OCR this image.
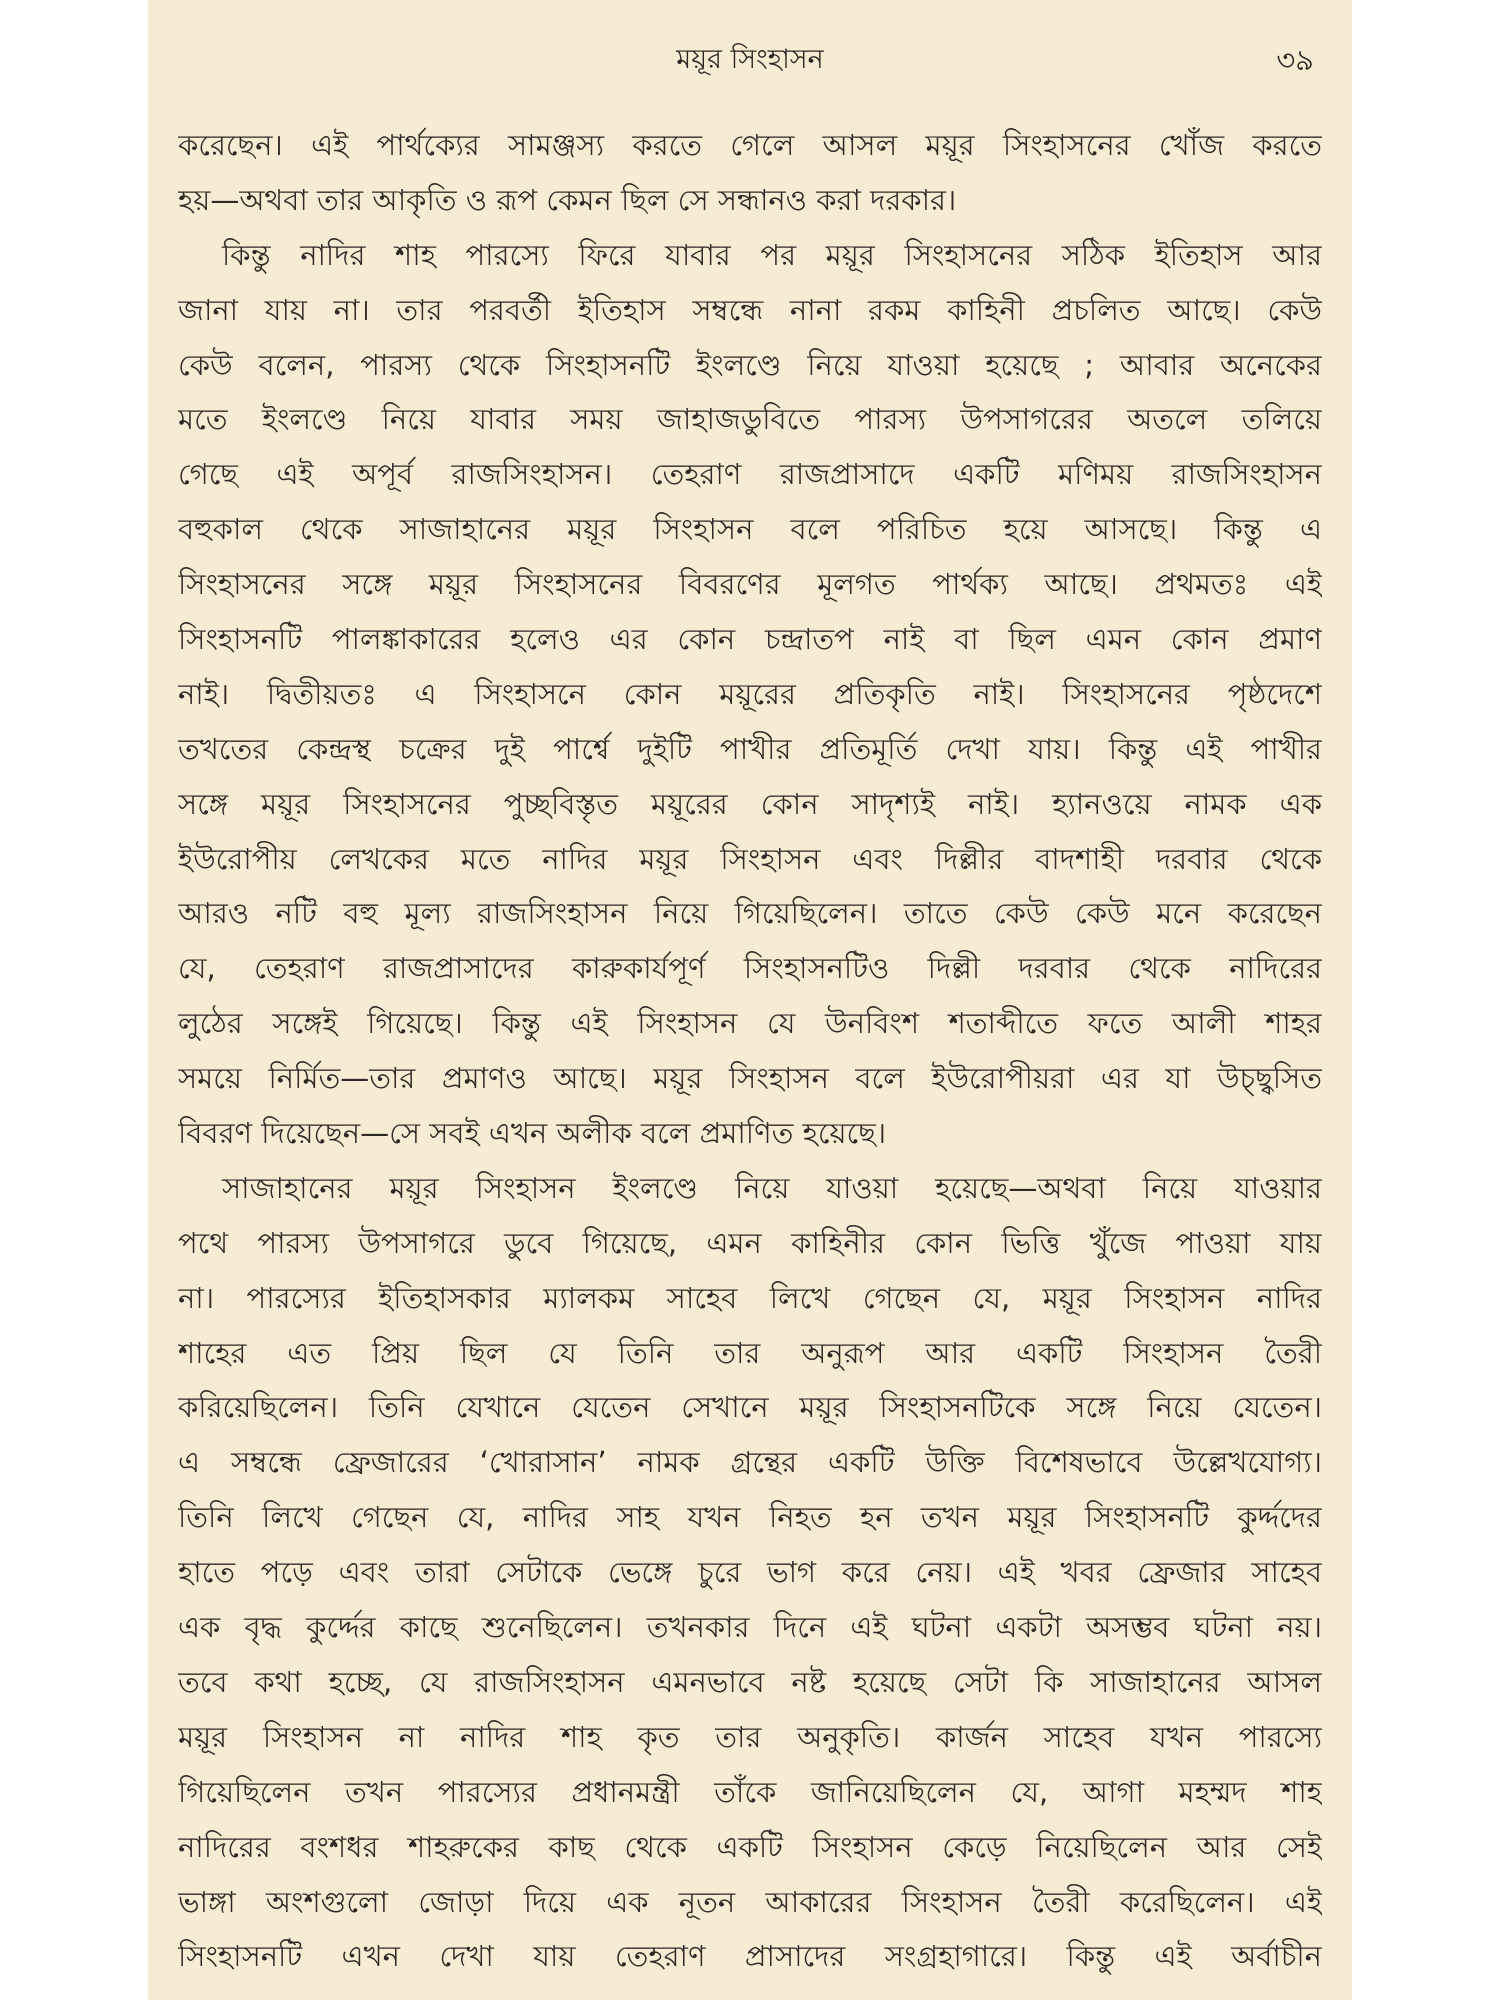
ময়ূর সিংহাসন	৩৯
করেছেন। এই পার্থক্যের সামঞ্জস্য করতে গেলে আসল ময়ূর সিংহাসনের খোঁজ করতে
হয়—অথবা তার আকৃতি ও রূপ কেমন ছিল সে সন্ধানও করা দরকার।
কিন্তু নাদির শাহ পারস্যে ফিরে যাবার পর ময়ূর সিংহাসনের সঠিক ইতিহাস আর
জানা যায় না। তার পরবর্তী ইতিহাস সম্বন্ধে নানা রকম কাহিনী প্রচলিত আছে। কেউ
কেউ বলেন, পারস্য থেকে সিংহাসনটি ইংলণ্ডে নিয়ে যাওয়া হয়েছে ; আবার অনেকের
মতে ইংলণ্ডে নিয়ে যাবার সময় জাহাজডুবিতে পারস্য উপসাগরের অতলে তলিয়ে
গেছে এই অপূর্ব রাজসিংহাসন। তেহরাণ রাজপ্রাসাদে একটি মণিময় রাজসিংহাসন
বহুকাল থেকে সাজাহানের ময়ূর সিংহাসন বলে পরিচিত হয়ে আসছে। কিন্তু এ
সিংহাসনের সঙ্গে ময়ূর সিংহাসনের বিবরণের মূলগত পার্থক্য আছে। প্রথমতঃ এই
সিংহাসনটি পালঙ্কাকারের হলেও এর কোন চন্দ্রাতপ নাই বা ছিল এমন কোন প্রমাণ
নাই। দ্বিতীয়তঃ এ সিংহাসনে কোন ময়ূরের প্রতিকৃতি নাই। সিংহাসনের পৃষ্ঠদেশে
তখতের কেন্দ্রস্থ চক্রের দুই পার্শ্বে দুইটি পাখীর প্রতিমূর্তি দেখা যায়। কিন্তু এই পাখীর
সঙ্গে ময়ূর সিংহাসনের পুচ্ছবিস্তৃত ময়ূরের কোন সাদৃশ্যই নাই। হ্যানওয়ে নামক এক
ইউরোপীয় লেখকের মতে নাদির ময়ূর সিংহাসন এবং দিল্লীর বাদশাহী দরবার থেকে
আরও নটি বহু মূল্য রাজসিংহাসন নিয়ে গিয়েছিলেন। তাতে কেউ কেউ মনে করেছেন
যে, তেহরাণ রাজপ্রাসাদের কারুকার্যপূর্ণ সিংহাসনটিও দিল্লী দরবার থেকে নাদিরের
লুঠের সঙ্গেই গিয়েছে। কিন্তু এই সিংহাসন যে উনবিংশ শতাব্দীতে ফতে আলী শাহর
সময়ে নির্মিত—তার প্রমাণও আছে। ময়ূর সিংহাসন বলে ইউরোপীয়রা এর যা উচ্ছ্বসিত
বিবরণ দিয়েছেন—সে সবই এখন অলীক বলে প্রমাণিত হয়েছে।
সাজাহানের ময়ূর সিংহাসন ইংলণ্ডে নিয়ে যাওয়া হয়েছে—অথবা নিয়ে যাওয়ার
পথে পারস্য উপসাগরে ডুবে গিয়েছে, এমন কাহিনীর কোন ভিত্তি খুঁজে পাওয়া যায়
না। পারস্যের ইতিহাসকার ম্যালকম সাহেব লিখে গেছেন যে, ময়ূর সিংহাসন নাদির
শাহের এত প্রিয় ছিল যে তিনি তার অনুরূপ আর একটি সিংহাসন তৈরী
করিয়েছিলেন। তিনি যেখানে যেতেন সেখানে ময়ূর সিংহাসনটিকে সঙ্গে নিয়ে যেতেন।
এ সম্বন্ধে ফ্রেজারের ‘খোরাসান’ নামক গ্রন্থের একটি উক্তি বিশেষভাবে উল্লেখযোগ্য।
তিনি লিখে গেছেন যে, নাদির সাহ যখন নিহত হন তখন ময়ূর সিংহাসনটি কুর্দ্দদের
হাতে পড়ে এবং তারা সেটাকে ভেঙ্গে চুরে ভাগ করে নেয়। এই খবর ফ্রেজার সাহেব
এক বৃদ্ধ কুর্দ্দের কাছে শুনেছিলেন। তখনকার দিনে এই ঘটনা একটা অসম্ভব ঘটনা নয়।
তবে কথা হচ্ছে, যে রাজসিংহাসন এমনভাবে নষ্ট হয়েছে সেটা কি সাজাহানের আসল
ময়ূর সিংহাসন না নাদির শাহ কৃত তার অনুকৃতি। কার্জন সাহেব যখন পারস্যে
গিয়েছিলেন তখন পারস্যের প্রধানমন্ত্রী তাঁকে জানিয়েছিলেন যে, আগা মহম্মদ শাহ
নাদিরের বংশধর শাহরুকের কাছ থেকে একটি সিংহাসন কেড়ে নিয়েছিলেন আর সেই
ভাঙ্গা অংশগুলো জোড়া দিয়ে এক নূতন আকারের সিংহাসন তৈরী করেছিলেন। এই
সিংহাসনটি এখন দেখা যায় তেহরাণ প্রাসাদের সংগ্রহাগারে। কিন্তু এই অর্বাচীন
